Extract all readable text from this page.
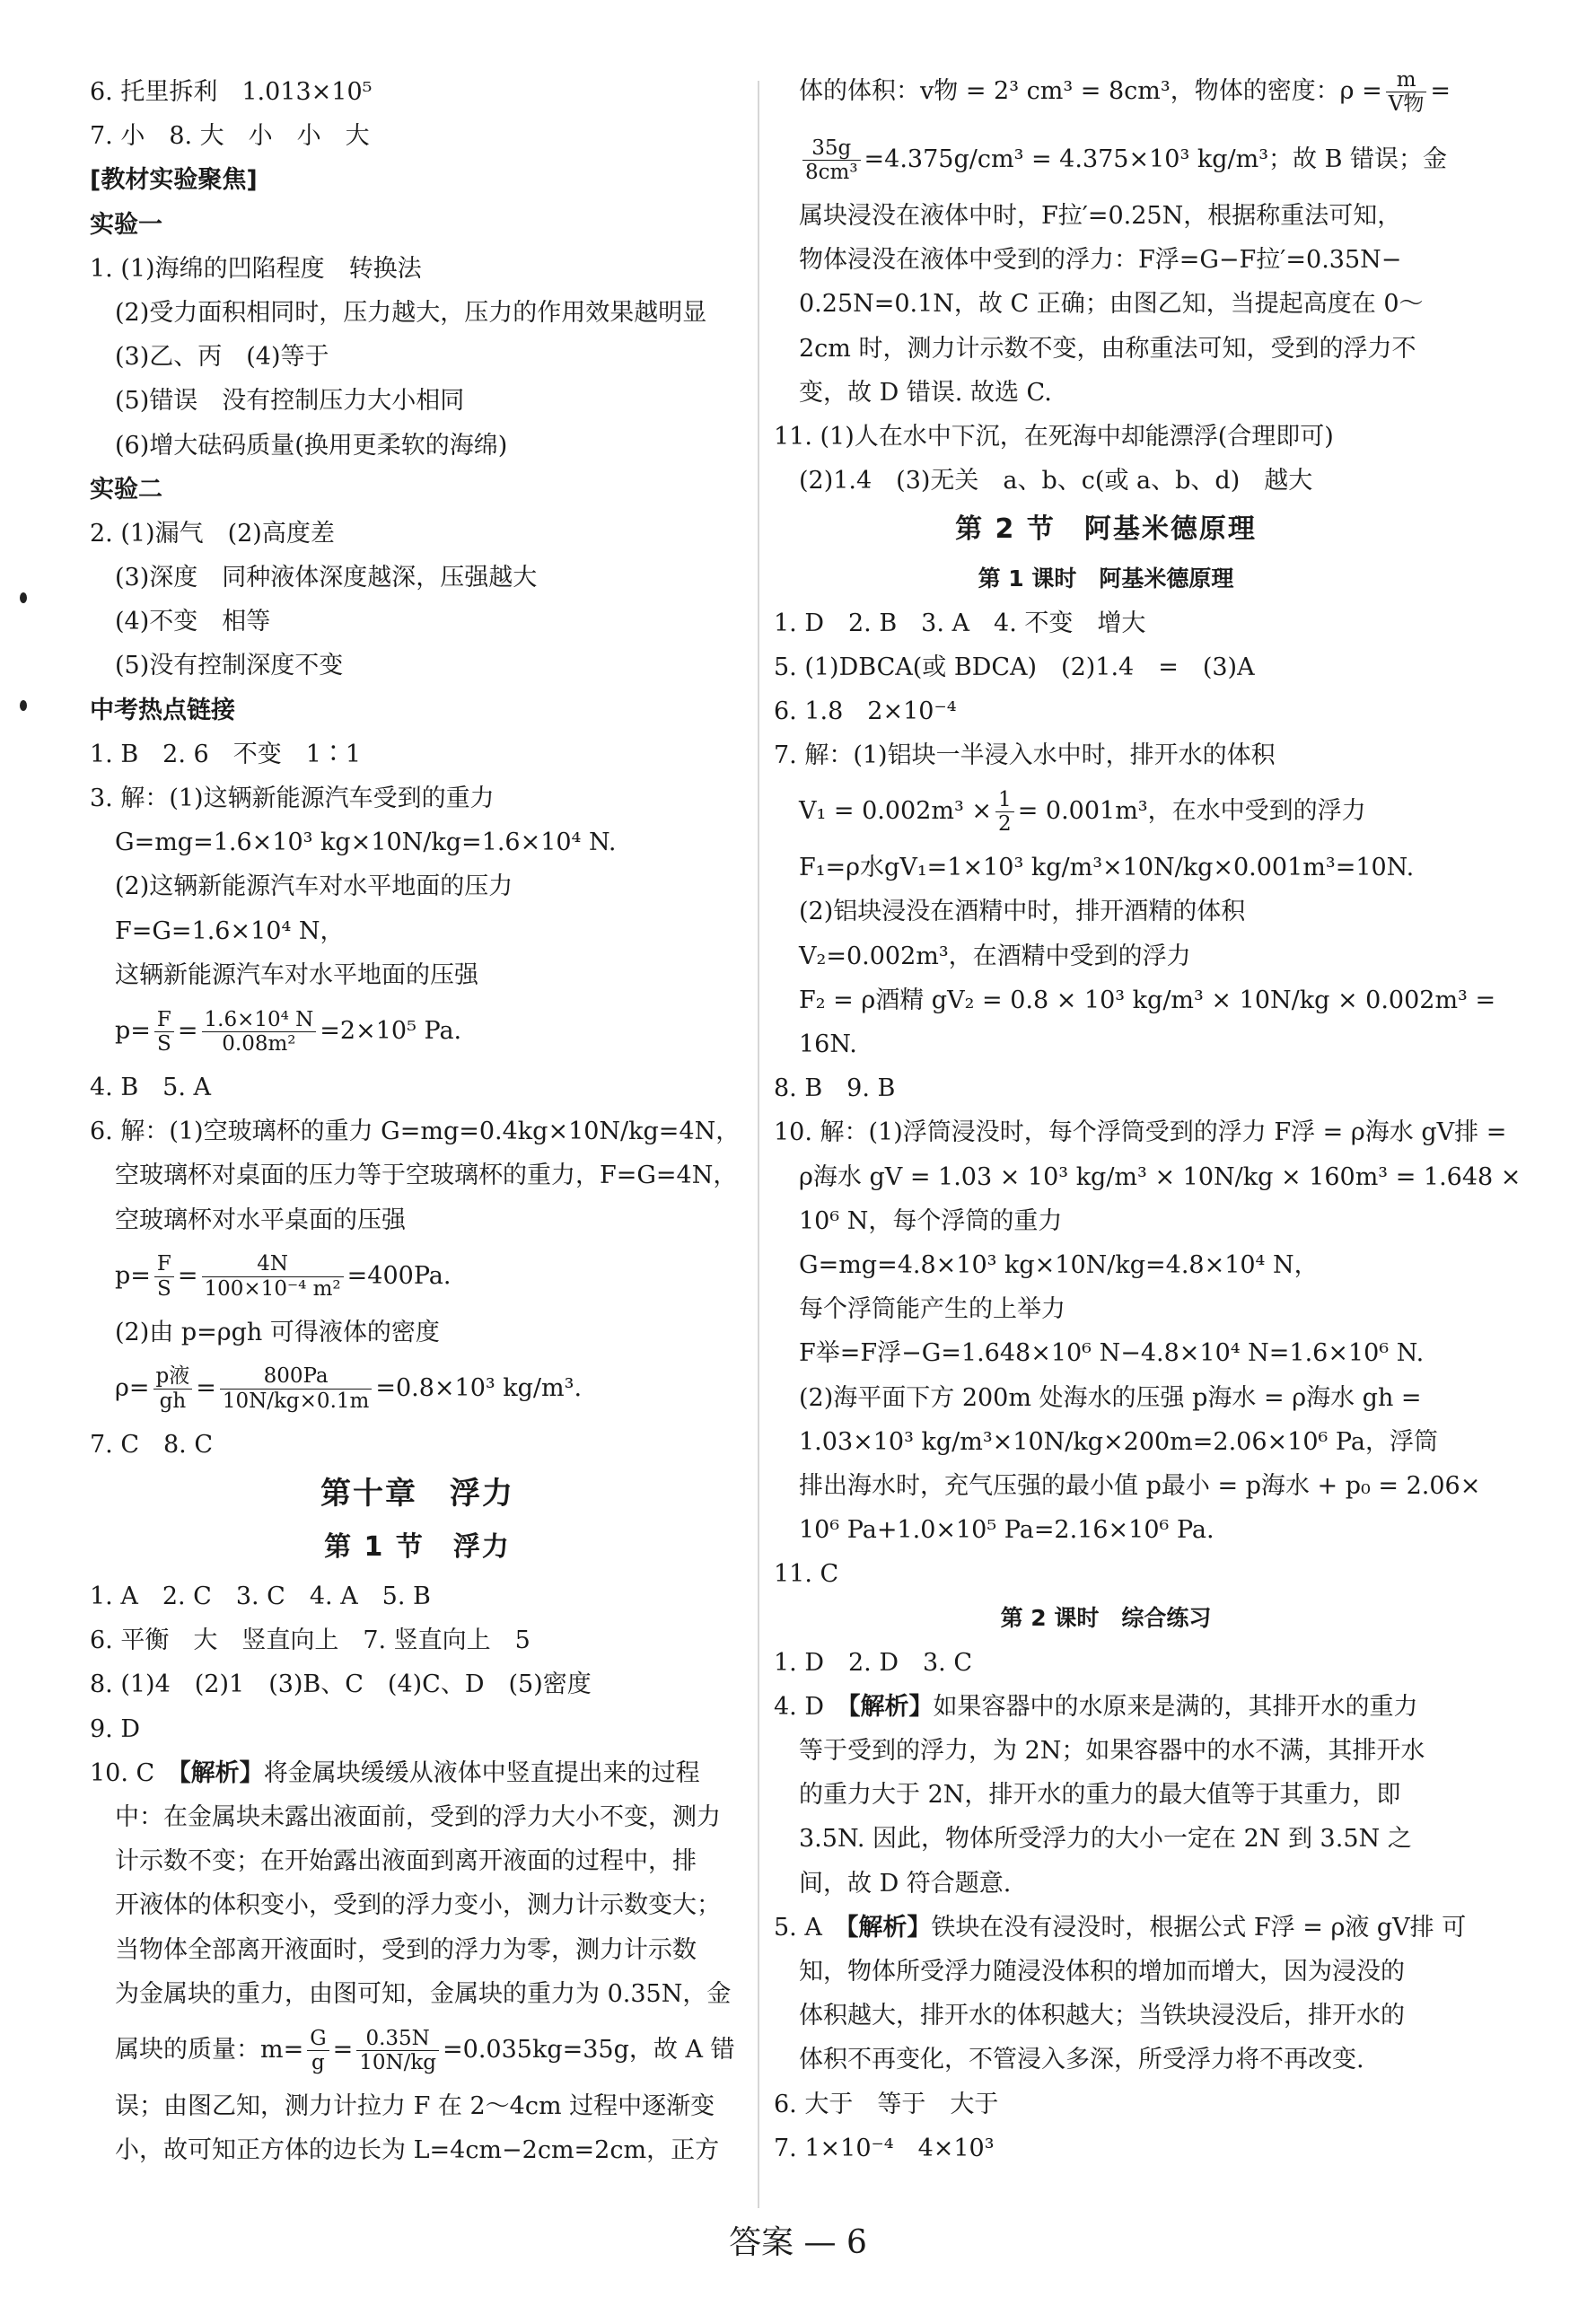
6. 托里拆利　1.013×10⁵
7. 小　8. 大　小　小　大
[教材实验聚焦]
实验一
1. (1)海绵的凹陷程度　转换法
(2)受力面积相同时，压力越大，压力的作用效果越明显
(3)乙、丙　(4)等于
(5)错误　没有控制压力大小相同
(6)增大砝码质量(换用更柔软的海绵)
实验二
2. (1)漏气　(2)高度差
(3)深度　同种液体深度越深，压强越大
(4)不变　相等
(5)没有控制深度不变
中考热点链接
1. B　2. 6　不变　1∶1
3. 解：(1)这辆新能源汽车受到的重力
G=mg=1.6×10³ kg×10N/kg=1.6×10⁴ N.
(2)这辆新能源汽车对水平地面的压力
F=G=1.6×10⁴ N，
这辆新能源汽车对水平地面的压强
$p= \frac{F}{S} = \frac{\text{1.6×10⁴ N}}{\text{0.08m²}} =2\times 10^5$ Pa.
4. B　5. A
6. 解：(1)空玻璃杯的重力 G=mg=0.4kg×10N/kg=4N，
空玻璃杯对桌面的压力等于空玻璃杯的重力，F=G=4N，
空玻璃杯对水平桌面的压强
$p= \frac{F}{S} = \frac{4N}{\text{100×10⁻⁴ m²}} =400Pa$.
(2)由 p=ρgh 可得液体的密度
$\rho= \frac{\text{p液}}{gh} = \frac{800Pa}{10N/kg\times 0.1m} =0.8\times 10^3$ kg/m³.
7. C　8. C
第十章　浮力
第 1 节　浮力
1. A　2. C　3. C　4. A　5. B
6. 平衡　大　竖直向上　7. 竖直向上　5
8. (1)4　(2)1　(3)B、C　(4)C、D　(5)密度
9. D
10. C　【解析】将金属块缓缓从液体中竖直提出来的过程
中：在金属块未露出液面前，受到的浮力大小不变，测力
计示数不变；在开始露出液面到离开液面的过程中，排
开液体的体积变小，受到的浮力变小，测力计示数变大；
当物体全部离开液面时，受到的浮力为零，测力计示数
为金属块的重力，由图可知，金属块的重力为 0.35N，金
属块的质量：$m= \frac{G}{g} = \frac{0.35N}{10N/kg} =0.035kg=35g$，故 A 错
误；由图乙知，测力计拉力 F 在 2～4cm 过程中逐渐变
小，故可知正方体的边长为 L=4cm−2cm=2cm，正方
体的体积：v物 = 2³ cm³ = 8cm³，物体的密度：$\rho = \frac{m}{\text{V物}}$ =
$\frac{35g}{\text{8cm³}} =4.375g/cm^3 = 4.375\times 10^3$ kg/m³；故 B 错误；金
属块浸没在液体中时，F拉′=0.25N，根据称重法可知，
物体浸没在液体中受到的浮力：F浮=G−F拉′=0.35N−
0.25N=0.1N，故 C 正确；由图乙知，当提起高度在 0～
2cm 时，测力计示数不变，由称重法可知，受到的浮力不
变，故 D 错误. 故选 C.
11. (1)人在水中下沉，在死海中却能漂浮(合理即可)
(2)1.4　(3)无关　a、b、c(或 a、b、d)　越大
第 2 节　阿基米德原理
第 1 课时　阿基米德原理
1. D　2. B　3. A　4. 不变　增大
5. (1)DBCA(或 BDCA)　(2)1.4　=　(3)A
6. 1.8　2×10⁻⁴
7. 解：(1)铝块一半浸入水中时，排开水的体积
$V_1 = 0.002m^3 \times \frac{1}{2} = 0.001m^3$，在水中受到的浮力
F₁=ρ水gV₁=1×10³ kg/m³×10N/kg×0.001m³=10N.
(2)铝块浸没在酒精中时，排开酒精的体积
V₂=0.002m³，在酒精中受到的浮力
F₂ = ρ酒精 gV₂ = 0.8 × 10³ kg/m³ × 10N/kg × 0.002m³ =
16N.
8. B　9. B
10. 解：(1)浮筒浸没时，每个浮筒受到的浮力 F浮 = ρ海水 gV排 =
ρ海水 gV = 1.03 × 10³ kg/m³ × 10N/kg × 160m³ = 1.648 ×
10⁶ N，每个浮筒的重力
G=mg=4.8×10³ kg×10N/kg=4.8×10⁴ N，
每个浮筒能产生的上举力
F举=F浮−G=1.648×10⁶ N−4.8×10⁴ N=1.6×10⁶ N.
(2)海平面下方 200m 处海水的压强 p海水 = ρ海水 gh =
1.03×10³ kg/m³×10N/kg×200m=2.06×10⁶ Pa，浮筒
排出海水时，充气压强的最小值 p最小 = p海水 + p₀ = 2.06×
10⁶ Pa+1.0×10⁵ Pa=2.16×10⁶ Pa.
11. C
第 2 课时　综合练习
1. D　2. D　3. C
4. D　【解析】如果容器中的水原来是满的，其排开水的重力
等于受到的浮力，为 2N；如果容器中的水不满，其排开水
的重力大于 2N，排开水的重力的最大值等于其重力，即
3.5N. 因此，物体所受浮力的大小一定在 2N 到 3.5N 之
间，故 D 符合题意.
5. A　【解析】铁块在没有浸没时，根据公式 F浮 = ρ液 gV排 可
知，物体所受浮力随浸没体积的增加而增大，因为浸没的
体积越大，排开水的体积越大；当铁块浸没后，排开水的
体积不再变化，不管浸入多深，所受浮力将不再改变.
6. 大于　等于　大于
7. 1×10⁻⁴　4×10³
答案 — 6
